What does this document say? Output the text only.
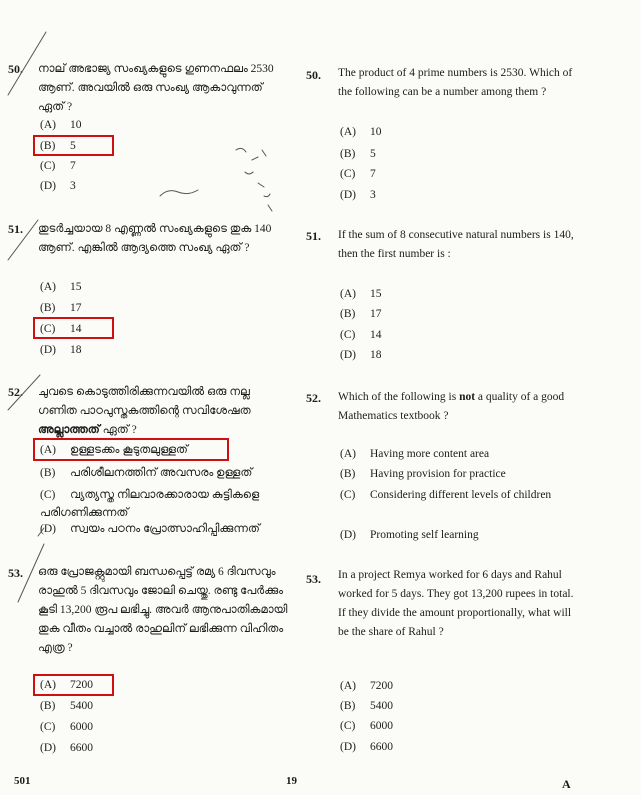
50. നാല് അഭാജ്യ സംഖ്യകളുടെ ഗുണനഫലം 2530 ആണ്. അവയിൽ ഒരു സംഖ്യ ആകാവുന്നത് ഏത് ?
(A) 10
(B) 5
(C) 7
(D) 3
50. The product of 4 prime numbers is 2530. Which of the following can be a number among them ?
(A) 10
(B) 5
(C) 7
(D) 3
51. തുടർച്ചയായ 8 എണ്ണൽ സംഖ്യകളുടെ തുക 140 ആണ്. എങ്കിൽ ആദ്യത്തെ സംഖ്യ ഏത് ?
(A) 15
(B) 17
(C) 14
(D) 18
51. If the sum of 8 consecutive natural numbers is 140, then the first number is :
(A) 15
(B) 17
(C) 14
(D) 18
52. ചുവടെ കൊടുത്തിരിക്കുന്നവയിൽ ഒരു നല്ല ഗണിത പാഠപുസ്തകത്തിന്റെ സവിശേഷത അല്ലാത്തത് ഏത് ?
(A) ഉള്ളടക്കം കൂടുതലുള്ളത്
(B) പരിശീലനത്തിന് അവസരം ഉള്ളത്
(C)	വ്യത്യസ്ത നിലവാരക്കാരായ കുട്ടികളെ പരിഗണിക്കുന്നത്
(D) സ്വയം പഠനം പ്രോത്സാഹിപ്പിക്കുന്നത്
52. Which of the following is not a quality of a good Mathematics textbook ?
(A) Having more content area
(B) Having provision for practice
(C) Considering different levels of children
(D) Promoting self learning
53. ഒരു പ്രോജക്റ്റുമായി ബന്ധപ്പെട്ട് രമ്യ 6 ദിവസവും രാഹുൽ 5 ദിവസവും ജോലി ചെയ്തു. രണ്ടു പേർക്കും കൂടി 13,200 രൂപ ലഭിച്ചു. അവർ ആനുപാതികമായി തുക വീതം വച്ചാൽ രാഹുലിന് ലഭിക്കുന്ന വിഹിതം എത്ര ?
(A) 7200
(B) 5400
(C) 6000
(D) 6600
53. In a project Remya worked for 6 days and Rahul worked for 5 days. They got 13,200 rupees in total. If they divide the amount proportionally, what will be the share of Rahul ?
(A) 7200
(B) 5400
(C) 6000
(D) 6600
501	19	A
